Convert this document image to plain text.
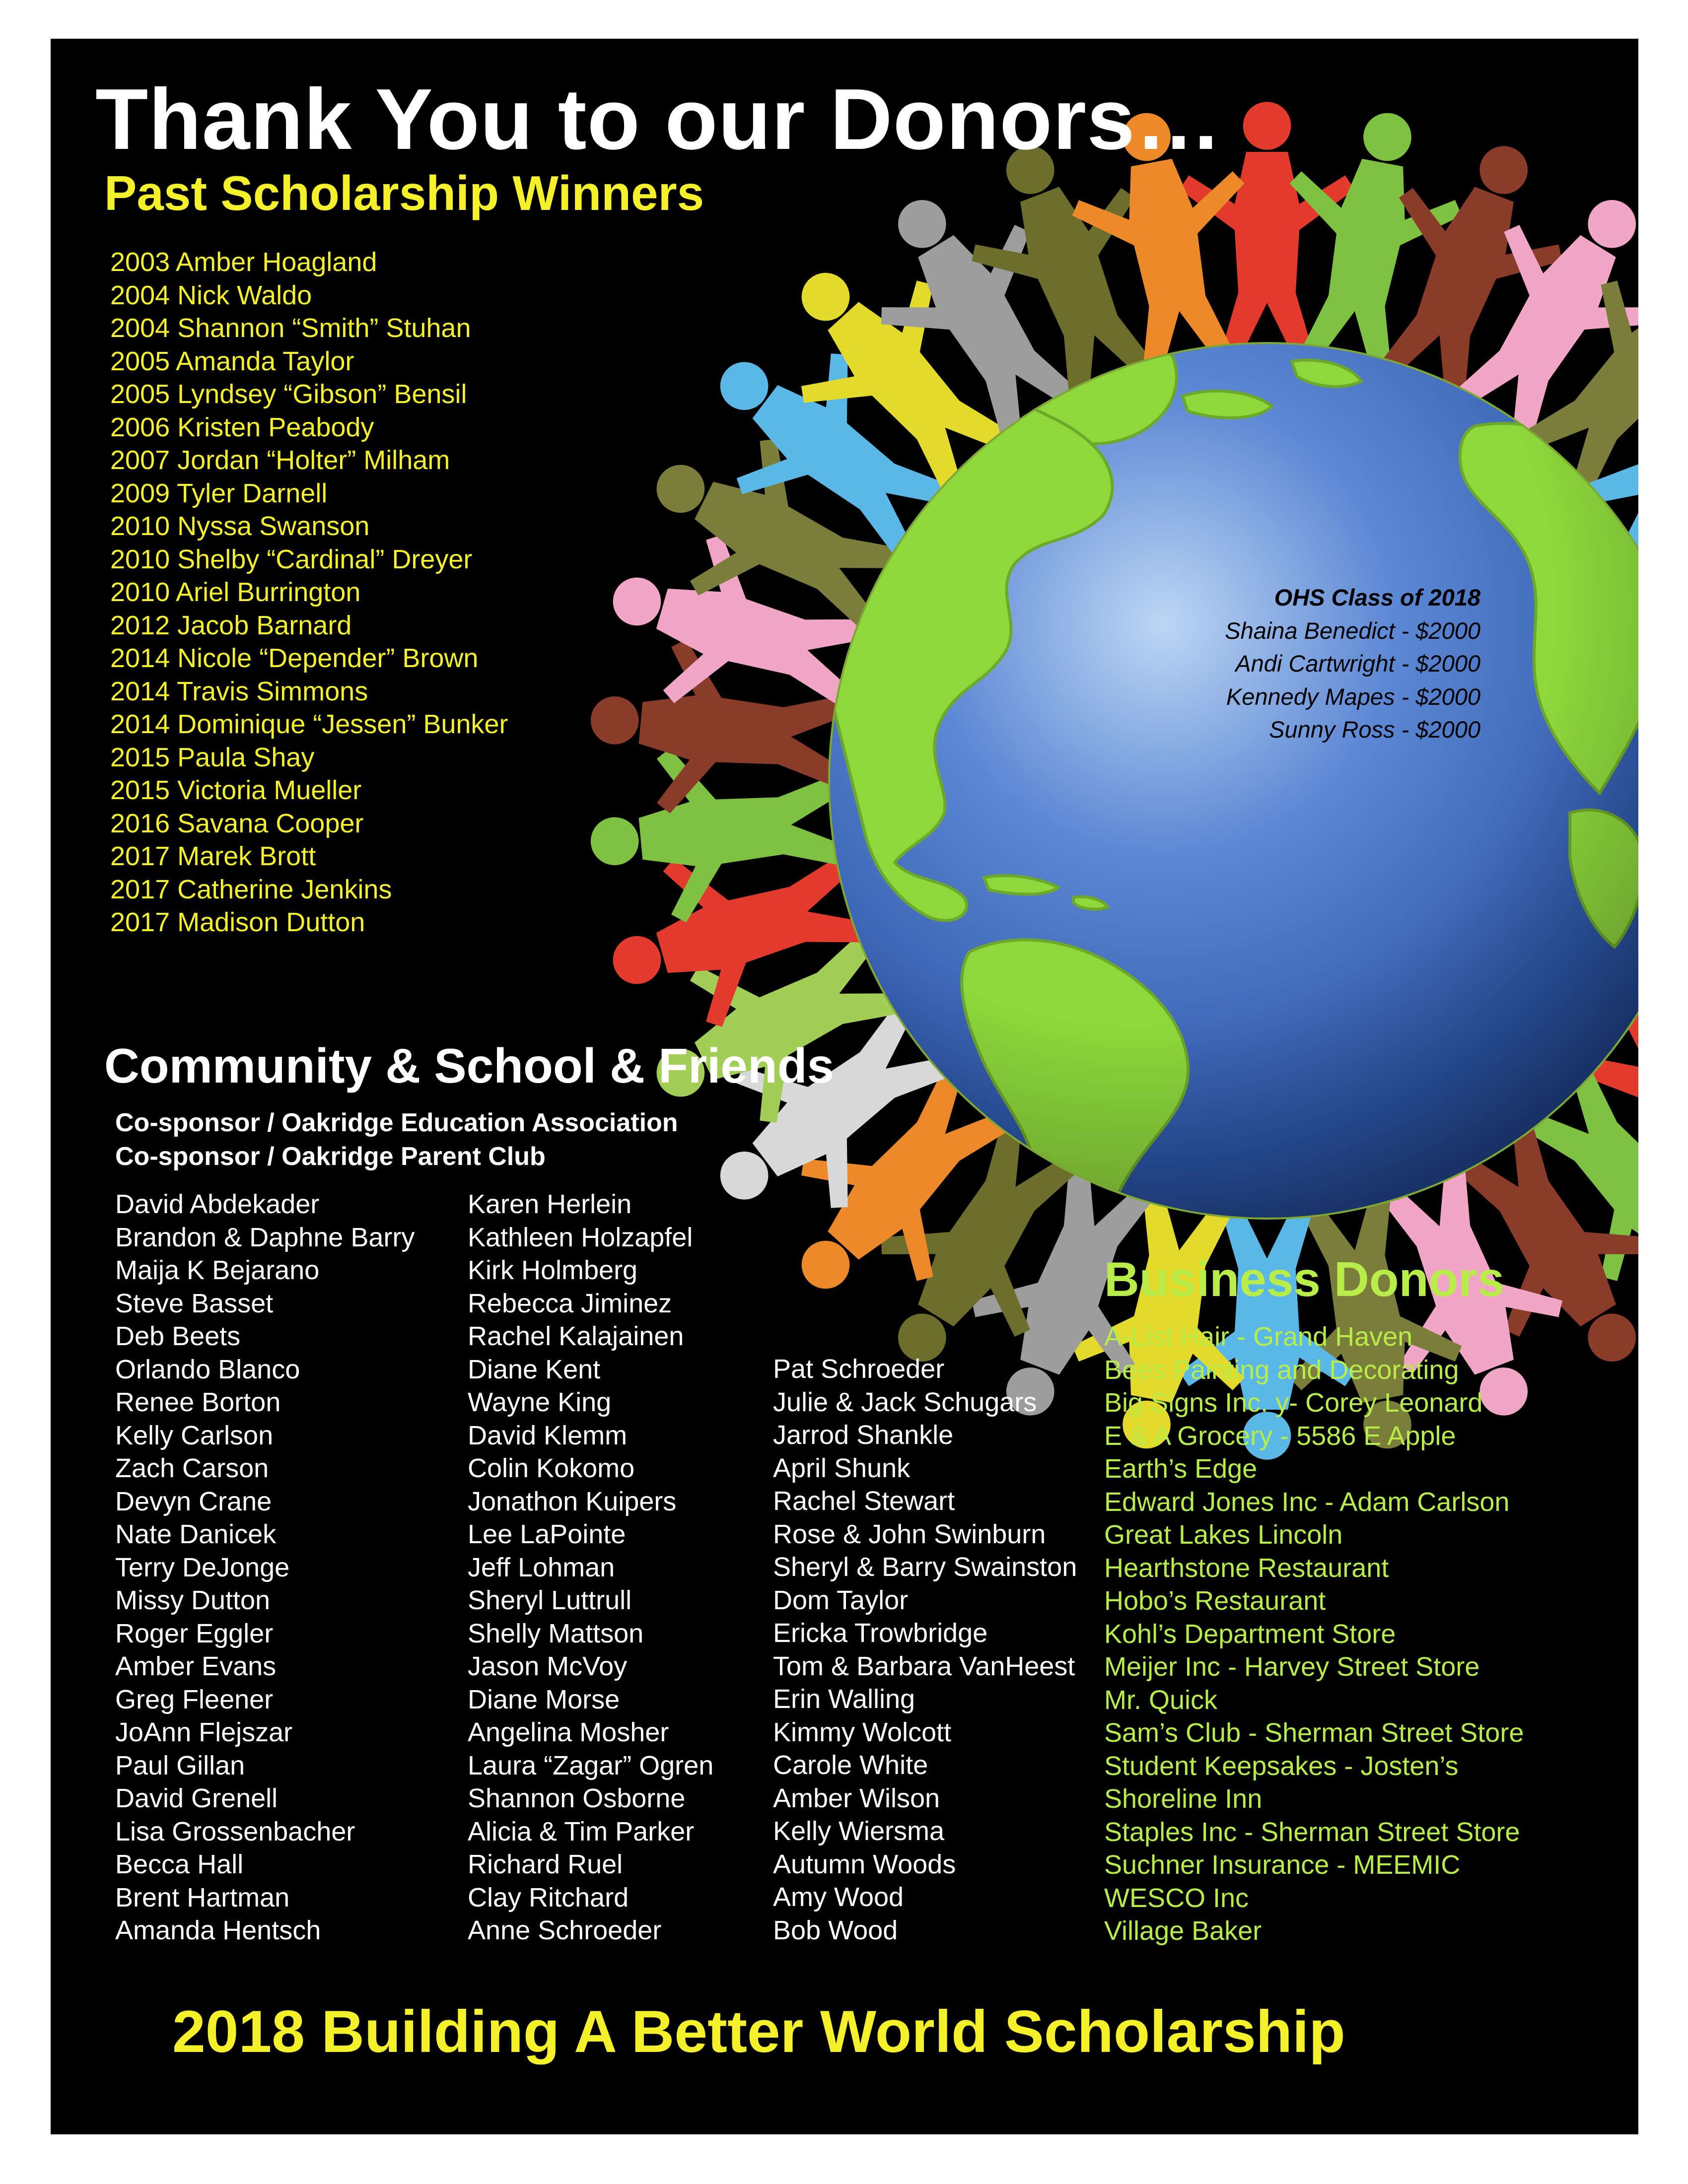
Thank You to our Donors…
Past Scholarship Winners
2003 Amber Hoagland
2004 Nick Waldo
2004 Shannon “Smith” Stuhan
2005 Amanda Taylor
2005 Lyndsey “Gibson” Bensil
2006 Kristen Peabody
2007 Jordan “Holter” Milham
2009 Tyler Darnell
2010 Nyssa Swanson
2010 Shelby “Cardinal” Dreyer
2010 Ariel Burrington
2012 Jacob Barnard
2014 Nicole “Depender” Brown
2014 Travis Simmons
2014 Dominique “Jessen” Bunker
2015 Paula Shay
2015 Victoria Mueller
2016 Savana Cooper
2017 Marek Brott
2017 Catherine Jenkins
2017 Madison Dutton
OHS Class of 2018
Shaina Benedict - $2000
Andi Cartwright - $2000
Kennedy Mapes - $2000
Sunny Ross - $2000
Community & School & Friends
Co-sponsor / Oakridge Education Association
Co-sponsor / Oakridge Parent Club
David Abdekader
Brandon & Daphne Barry
Maija K Bejarano
Steve Basset
Deb Beets
Orlando Blanco
Renee Borton
Kelly Carlson
Zach Carson
Devyn Crane
Nate Danicek
Terry DeJonge
Missy Dutton
Roger Eggler
Amber Evans
Greg Fleener
JoAnn Flejszar
Paul Gillan
David Grenell
Lisa Grossenbacher
Becca Hall
Brent Hartman
Amanda Hentsch
Karen Herlein
Kathleen Holzapfel
Kirk Holmberg
Rebecca Jiminez
Rachel Kalajainen
Diane Kent
Wayne King
David Klemm
Colin Kokomo
Jonathon Kuipers
Lee LaPointe
Jeff Lohman
Sheryl Luttrull
Shelly Mattson
Jason McVoy
Diane Morse
Angelina Mosher
Laura “Zagar” Ogren
Shannon Osborne
Alicia & Tim Parker
Richard Ruel
Clay Ritchard
Anne Schroeder
Pat Schroeder
Julie & Jack Schugars
Jarrod Shankle
April Shunk
Rachel Stewart
Rose & John Swinburn
Sheryl & Barry Swainston
Dom Taylor
Ericka Trowbridge
Tom & Barbara VanHeest
Erin Walling
Kimmy Wolcott
Carole White
Amber Wilson
Kelly Wiersma
Autumn Woods
Amy Wood
Bob Wood
Business Donors
A-List Hair - Grand Haven
Bees Painting and Decorating
Big Signs Inc. y- Corey Leonard
E & A Grocery - 5586 E Apple
Earth’s Edge
Edward Jones Inc - Adam Carlson
Great Lakes Lincoln
Hearthstone Restaurant
Hobo’s Restaurant
Kohl’s Department Store
Meijer Inc - Harvey Street Store
Mr. Quick
Sam’s Club - Sherman Street Store
Student Keepsakes - Josten’s
Shoreline Inn
Staples Inc - Sherman Street Store
Suchner Insurance - MEEMIC
WESCO Inc
Village Baker
2018 Building A Better World Scholarship
